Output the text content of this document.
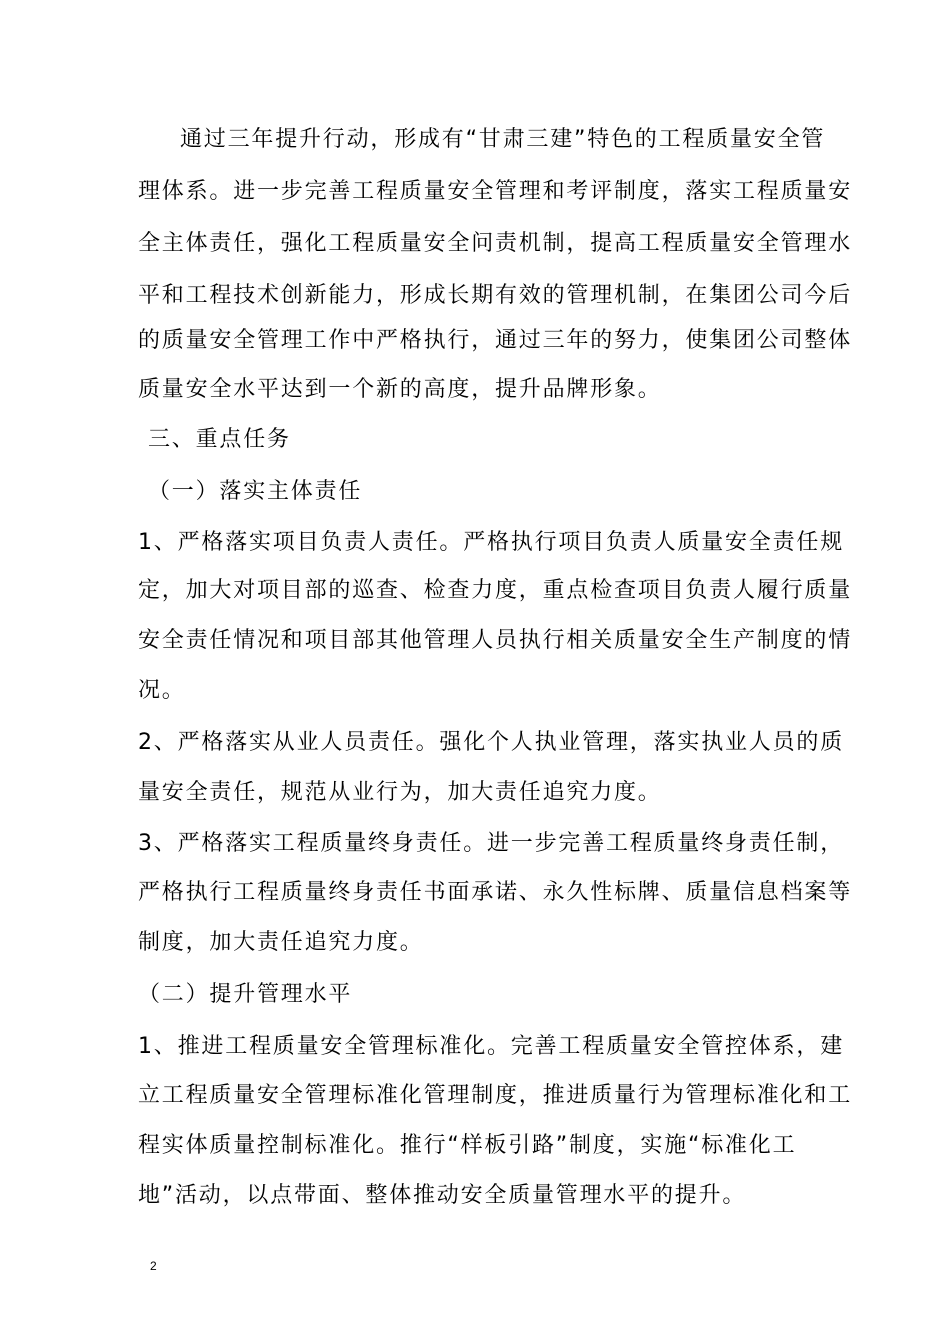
通过三年提升行动，形成有“甘肃三建”特色的工程质量安全管
理体系。进一步完善工程质量安全管理和考评制度，落实工程质量安
全主体责任，强化工程质量安全问责机制，提高工程质量安全管理水
平和工程技术创新能力，形成长期有效的管理机制，在集团公司今后
的质量安全管理工作中严格执行，通过三年的努力，使集团公司整体
质量安全水平达到一个新的高度，提升品牌形象。
三、重点任务
（一）落实主体责任
1、严格落实项目负责人责任。严格执行项目负责人质量安全责任规
定，加大对项目部的巡查、检查力度，重点检查项目负责人履行质量
安全责任情况和项目部其他管理人员执行相关质量安全生产制度的情
况。
2、严格落实从业人员责任。强化个人执业管理，落实执业人员的质
量安全责任，规范从业行为，加大责任追究力度。
3、严格落实工程质量终身责任。进一步完善工程质量终身责任制，
严格执行工程质量终身责任书面承诺、永久性标牌、质量信息档案等
制度，加大责任追究力度。
（二）提升管理水平
1、推进工程质量安全管理标准化。完善工程质量安全管控体系，建
立工程质量安全管理标准化管理制度，推进质量行为管理标准化和工
程实体质量控制标准化。推行“样板引路”制度，实施“标准化工
地”活动，以点带面、整体推动安全质量管理水平的提升。
2
